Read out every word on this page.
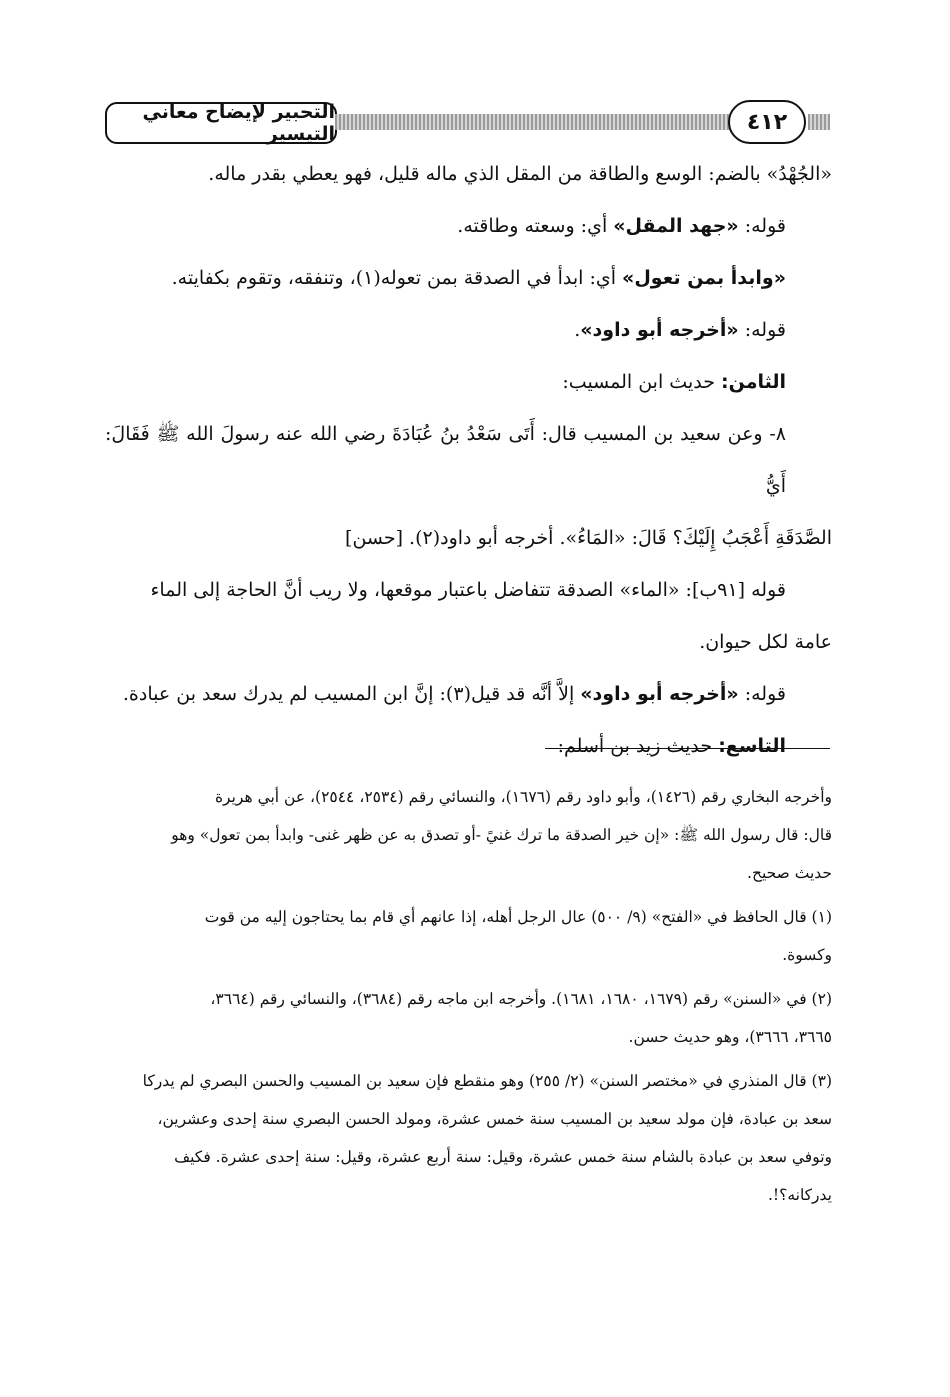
التحبير لإيضاح معاني التيسير	٤١٢

«الجُهْدُ» بالضم: الوسع والطاقة من المقل الذي ماله قليل، فهو يعطي بقدر ماله.

قوله: «جهد المقل» أي: وسعته وطاقته.

«وابدأ بمن تعول» أي: ابدأ في الصدقة بمن تعوله(١)، وتنفقه، وتقوم بكفايته.

قوله: «أخرجه أبو داود».

الثامن: حديث ابن المسيب:

٨- وعن سعيد بن المسيب قال: أَتَى سَعْدُ بنُ عُبَادَةَ رضي الله عنه رسولَ الله ﷺ فَقَالَ: أَيُّ
الصَّدَقَةِ أَعْجَبُ إِلَيْكَ؟ قَالَ: «المَاءُ». أخرجه أبو داود(٢). [حسن]

قوله [٩١ب]: «الماء» الصدقة تتفاضل باعتبار موقعها، ولا ريب أنَّ الحاجة إلى الماء
عامة لكل حيوان.

قوله: «أخرجه أبو داود» إلاَّ أنَّه قد قيل(٣): إنَّ ابن المسيب لم يدرك سعد بن عبادة.

التاسع: حديث زيد بن أسلم:

وأخرجه البخاري رقم (١٤٢٦)، وأبو داود رقم (١٦٧٦)، والنسائي رقم (٢٥٣٤، ٢٥٤٤)، عن أبي هريرة
قال: قال رسول الله ﷺ: «إن خير الصدقة ما ترك غنيً -أو تصدق به عن ظهر غنى- وابدأ بمن تعول» وهو
حديث صحيح.

(١) قال الحافظ في «الفتح» (٩/ ٥٠٠) عال الرجل أهله، إذا عانهم أي قام بما يحتاجون إليه من قوت
وكسوة.

(٢) في «السنن» رقم (١٦٧٩، ١٦٨٠، ١٦٨١). وأخرجه ابن ماجه رقم (٣٦٨٤)، والنسائي رقم (٣٦٦٤،
٣٦٦٥، ٣٦٦٦)، وهو حديث حسن.

(٣) قال المنذري في «مختصر السنن» (٢/ ٢٥٥) وهو منقطع فإن سعيد بن المسيب والحسن البصري لم يدركا
سعد بن عبادة، فإن مولد سعيد بن المسيب سنة خمس عشرة، ومولد الحسن البصري سنة إحدى وعشرين،
وتوفي سعد بن عبادة بالشام سنة خمس عشرة، وقيل: سنة أربع عشرة، وقيل: سنة إحدى عشرة. فكيف
يدركانه؟!.
